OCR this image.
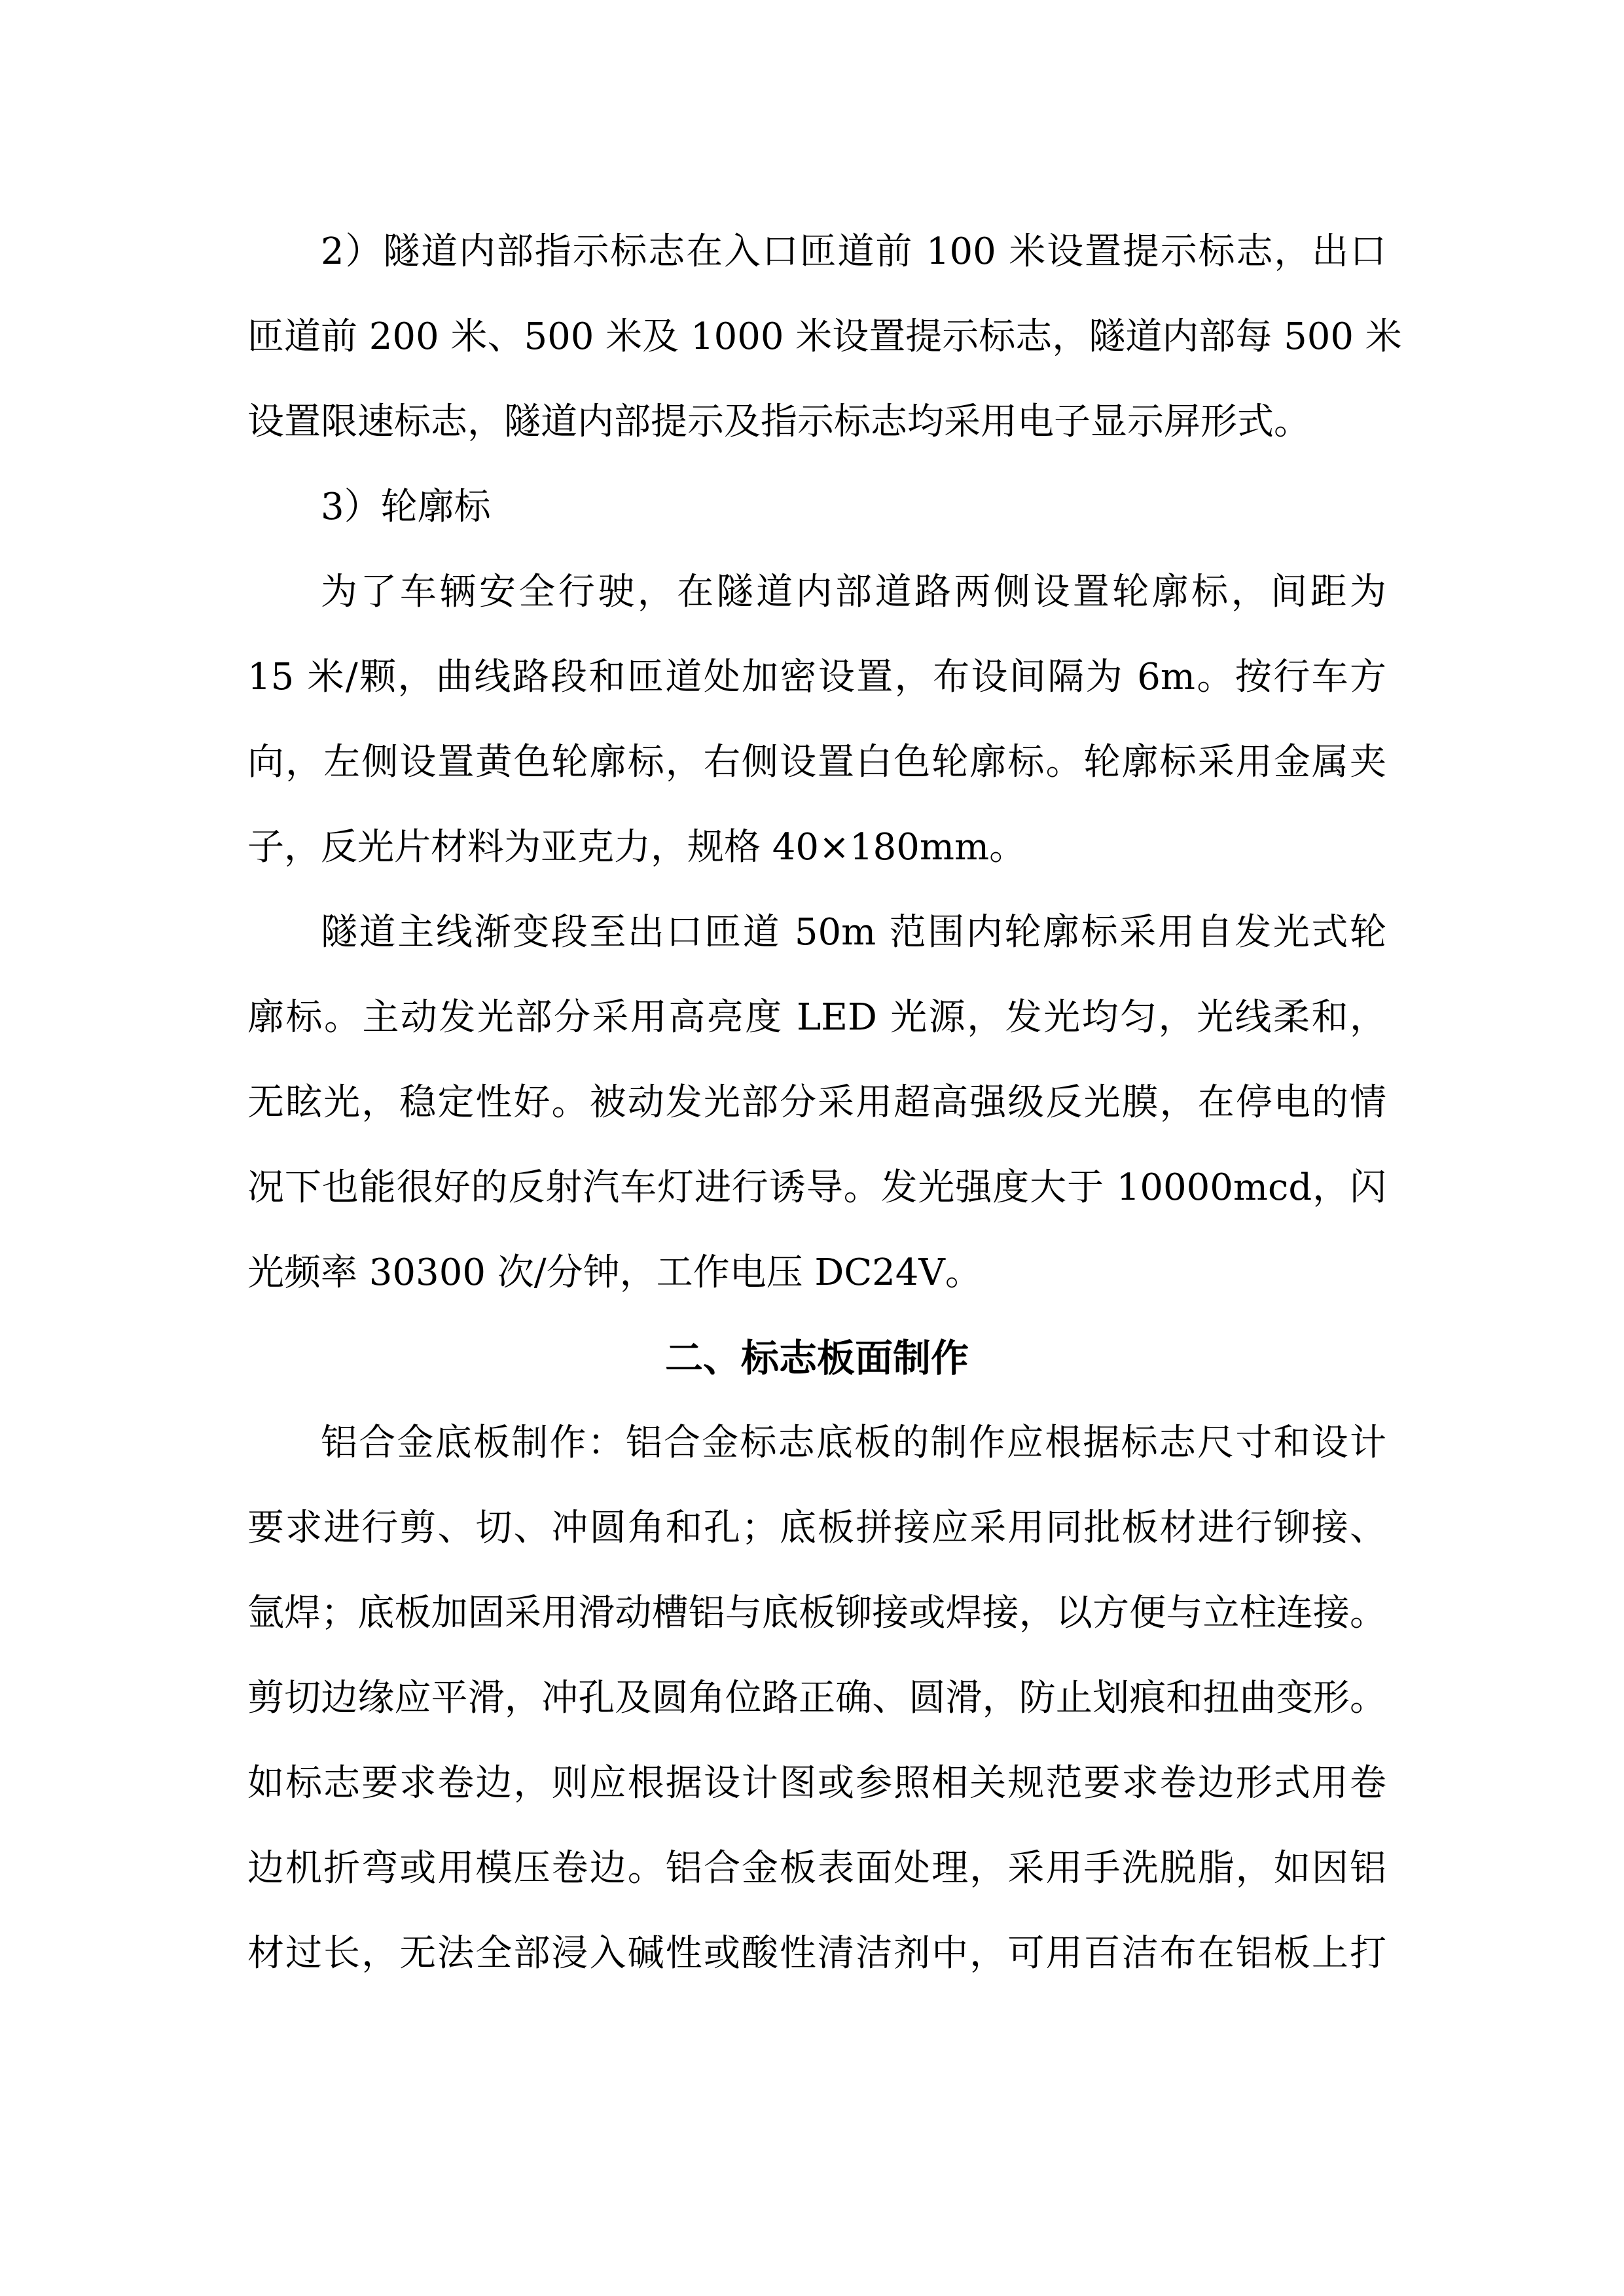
2）隧道内部指示标志在入口匝道前 100 米设置提示标志，出口
匝道前 200 米、500 米及 1000 米设置提示标志，隧道内部每 500 米
设置限速标志，隧道内部提示及指示标志均采用电子显示屏形式。
3）轮廓标
为了车辆安全行驶，在隧道内部道路两侧设置轮廓标，间距为
15 米/颗，曲线路段和匝道处加密设置，布设间隔为 6m。按行车方
向，左侧设置黄色轮廓标，右侧设置白色轮廓标。轮廓标采用金属夹
子，反光片材料为亚克力，规格 40×180mm。
隧道主线渐变段至出口匝道 50m 范围内轮廓标采用自发光式轮
廓标。主动发光部分采用高亮度 LED 光源，发光均匀，光线柔和，
无眩光，稳定性好。被动发光部分采用超高强级反光膜，在停电的情
况下也能很好的反射汽车灯进行诱导。发光强度大于 10000mcd，闪
光频率 30300 次/分钟，工作电压 DC24V。
二、标志板面制作
铝合金底板制作：铝合金标志底板的制作应根据标志尺寸和设计
要求进行剪、切、冲圆角和孔；底板拼接应采用同批板材进行铆接、
氩焊；底板加固采用滑动槽铝与底板铆接或焊接，以方便与立柱连接。
剪切边缘应平滑，冲孔及圆角位路正确、圆滑，防止划痕和扭曲变形。
如标志要求卷边，则应根据设计图或参照相关规范要求卷边形式用卷
边机折弯或用模压卷边。铝合金板表面处理，采用手洗脱脂，如因铝
材过长，无法全部浸入碱性或酸性清洁剂中，可用百洁布在铝板上打
